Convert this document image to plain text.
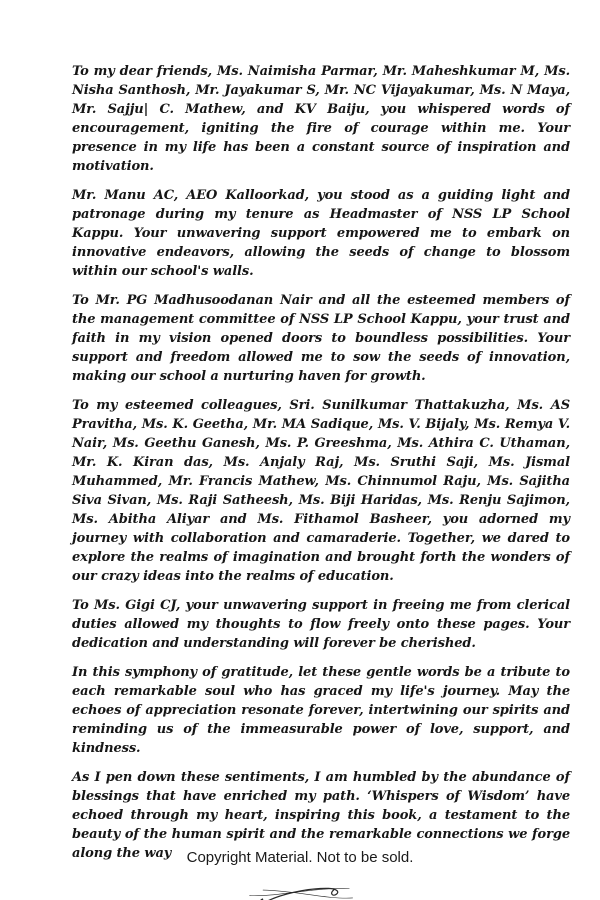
To my dear friends, Ms. Naimisha Parmar, Mr. Maheshkumar M, Ms. Nisha Santhosh, Mr. Jayakumar S, Mr. NC Vijayakumar, Ms. N Maya, Mr. Sajju| C. Mathew, and KV Baiju, you whispered words of encouragement, igniting the fire of courage within me. Your presence in my life has been a constant source of inspiration and motivation.

Mr. Manu AC, AEO Kalloorkad, you stood as a guiding light and patronage during my tenure as Headmaster of NSS LP School Kappu. Your unwavering support empowered me to embark on innovative endeavors, allowing the seeds of change to blossom within our school's walls.

To Mr. PG Madhusoodanan Nair and all the esteemed members of the management committee of NSS LP School Kappu, your trust and faith in my vision opened doors to boundless possibilities. Your support and freedom allowed me to sow the seeds of innovation, making our school a nurturing haven for growth.

To my esteemed colleagues, Sri. Sunilkumar Thattakuzha, Ms. AS Pravitha, Ms. K. Geetha, Mr. MA Sadique, Ms. V. Bijaly, Ms. Remya V. Nair, Ms. Geethu Ganesh, Ms. P. Greeshma, Ms. Athira C. Uthaman, Mr. K. Kiran das, Ms. Anjaly Raj, Ms. Sruthi Saji, Ms. Jismal Muhammed, Mr. Francis Mathew, Ms. Chinnumol Raju, Ms. Sajitha Siva Sivan, Ms. Raji Satheesh, Ms. Biji Haridas, Ms. Renju Sajimon, Ms. Abitha Aliyar and Ms. Fithamol Basheer, you adorned my journey with collaboration and camaraderie. Together, we dared to explore the realms of imagination and brought forth the wonders of our crazy ideas into the realms of education.

To Ms. Gigi CJ, your unwavering support in freeing me from clerical duties allowed my thoughts to flow freely onto these pages. Your dedication and understanding will forever be cherished.

In this symphony of gratitude, let these gentle words be a tribute to each remarkable soul who has graced my life's journey. May the echoes of appreciation resonate forever, intertwining our spirits and reminding us of the immeasurable power of love, support, and kindness.

As I pen down these sentiments, I am humbled by the abundance of blessings that have enriched my path. ‘Whispers of Wisdom’ have echoed through my heart, inspiring this book, a testament to the beauty of the human spirit and the remarkable connections we forge along the way	Copyright Material. Not to be sold.
